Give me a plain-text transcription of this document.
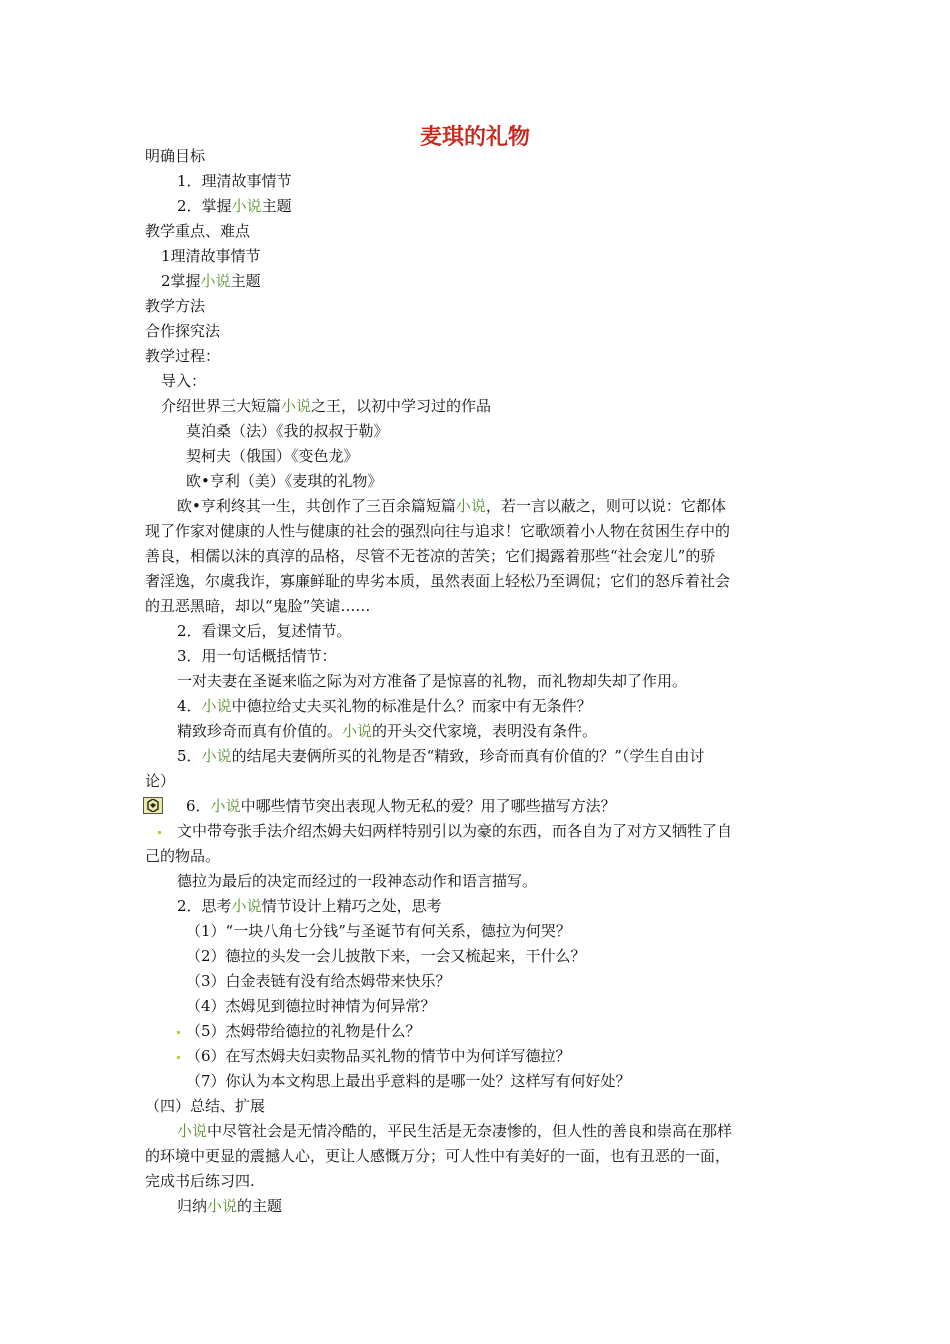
麦琪的礼物
明确目标
1．理清故事情节
2．掌握小说主题
教学重点、难点
1理清故事情节
2掌握小说主题
教学方法
合作探究法
教学过程：
导入：
介绍世界三大短篇小说之王，以初中学习过的作品
莫泊桑（法）《我的叔叔于勒》
契柯夫（俄国）《变色龙》
欧•亨利（美）《麦琪的礼物》
欧•亨利终其一生，共创作了三百余篇短篇小说，若一言以蔽之，则可以说：它都体
现了作家对健康的人性与健康的社会的强烈向往与追求！它歌颂着小人物在贫困生存中的
善良，相儒以沫的真淳的品格，尽管不无苍凉的苦笑；它们揭露着那些“社会宠儿”的骄
奢淫逸，尔虞我诈，寡廉鲜耻的卑劣本质，虽然表面上轻松乃至调侃；它们的怒斥着社会
的丑恶黑暗，却以“鬼脸”笑谑……
2．看课文后，复述情节。
3．用一句话概括情节：
一对夫妻在圣诞来临之际为对方准备了是惊喜的礼物，而礼物却失却了作用。
4．小说中德拉给丈夫买礼物的标准是什么？而家中有无条件？
精致珍奇而真有价值的。小说的开头交代家境，表明没有条件。
5．小说的结尾夫妻俩所买的礼物是否“精致，珍奇而真有价值的？”（学生自由讨
论）
6．小说中哪些情节突出表现人物无私的爱？用了哪些描写方法？
文中带夸张手法介绍杰姆夫妇两样特别引以为豪的东西，而各自为了对方又牺牲了自
己的物品。
德拉为最后的决定而经过的一段神态动作和语言描写。
2．思考小说情节设计上精巧之处，思考
（1）“一块八角七分钱”与圣诞节有何关系，德拉为何哭？
（2）德拉的头发一会儿披散下来，一会又梳起来，干什么？
（3）白金表链有没有给杰姆带来快乐？
（4）杰姆见到德拉时神情为何异常？
（5）杰姆带给德拉的礼物是什么？
（6）在写杰姆夫妇卖物品买礼物的情节中为何详写德拉？
（7）你认为本文构思上最出乎意料的是哪一处？这样写有何好处？
（四）总结、扩展
小说中尽管社会是无情冷酷的，平民生活是无奈凄惨的，但人性的善良和崇高在那样
的环境中更显的震撼人心，更让人感慨万分；可人性中有美好的一面，也有丑恶的一面，
完成书后练习四.
归纳小说的主题
